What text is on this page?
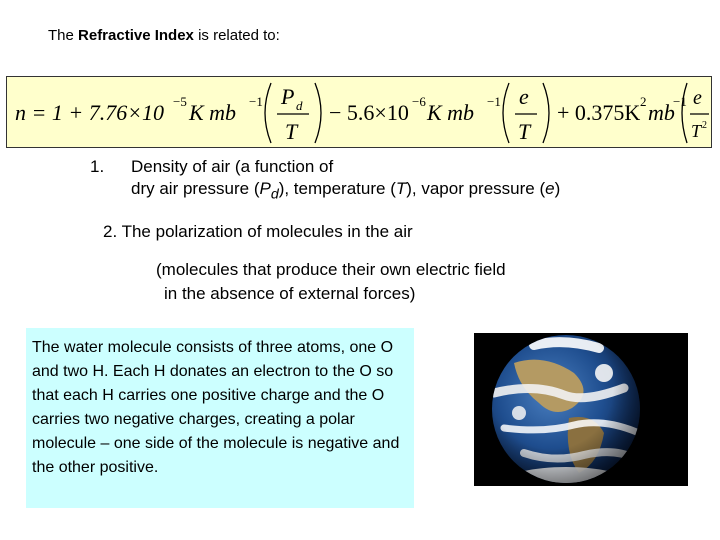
The Refractive Index is related to:
n = 1 + 7.76×10 −5 K mb −1 P d
T
− 5.6×10 −6 K mb −1 e
T
+ 0.375K 2 mb
−1 e
T 2
1. Density of air (a function of
dry air pressure $(P_d)$, temperature (T), vapor pressure (e)
2. The polarization of molecules in the air
(molecules that produce their own electric field
in the absence of external forces)
The water molecule consists of three atoms, one O and two H. Each H donates an electron to the O so that each H carries one positive charge and the O carries two negative charges, creating a polar molecule – one side of the molecule is negative and the other positive.
